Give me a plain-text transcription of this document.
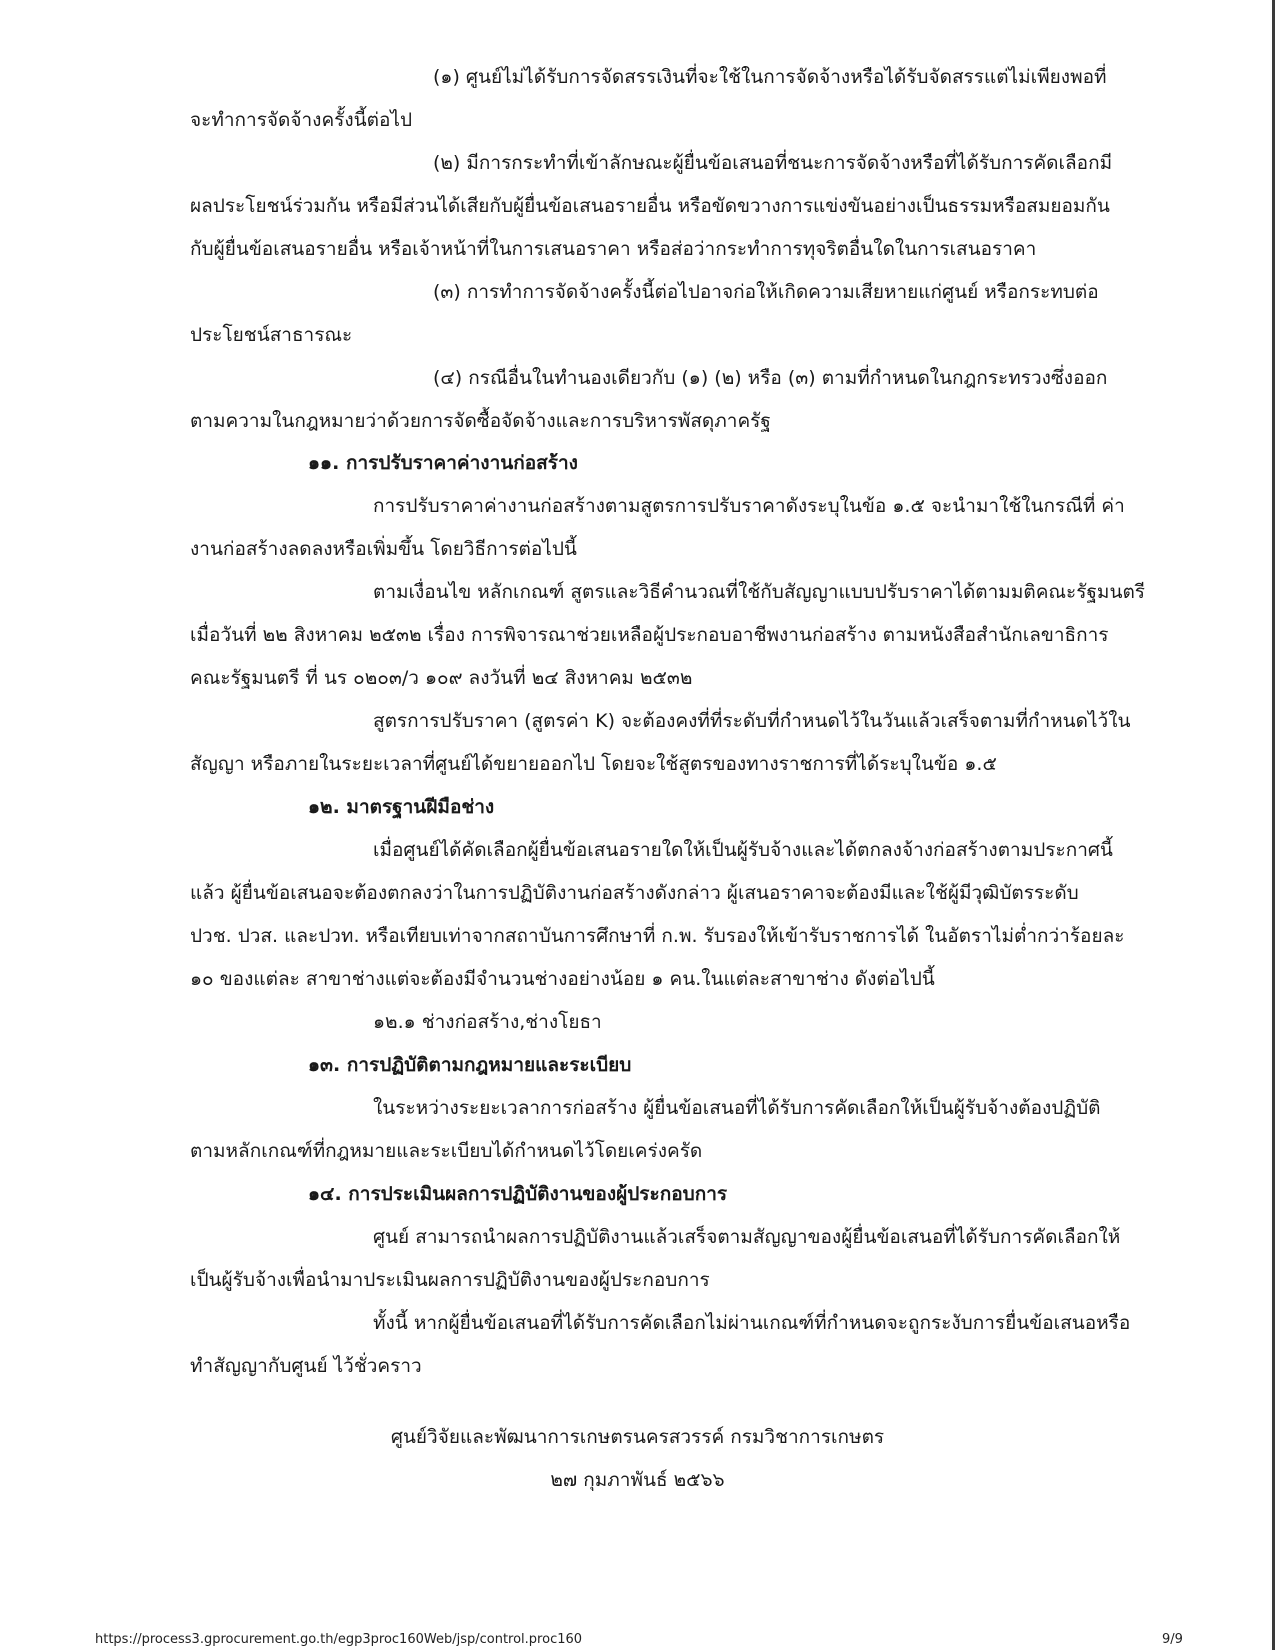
(๑) ศูนย์ไม่ได้รับการจัดสรรเงินที่จะใช้ในการจัดจ้างหรือได้รับจัดสรรแต่ไม่เพียงพอที่

จะทำการจัดจ้างครั้งนี้ต่อไป

(๒) มีการกระทำที่เข้าลักษณะผู้ยื่นข้อเสนอที่ชนะการจัดจ้างหรือที่ได้รับการคัดเลือกมี

ผลประโยชน์ร่วมกัน หรือมีส่วนได้เสียกับผู้ยื่นข้อเสนอรายอื่น หรือขัดขวางการแข่งขันอย่างเป็นธรรมหรือสมยอมกัน

กับผู้ยื่นข้อเสนอรายอื่น หรือเจ้าหน้าที่ในการเสนอราคา หรือส่อว่ากระทำการทุจริตอื่นใดในการเสนอราคา

(๓) การทำการจัดจ้างครั้งนี้ต่อไปอาจก่อให้เกิดความเสียหายแก่ศูนย์ หรือกระทบต่อ

ประโยชน์สาธารณะ

(๔) กรณีอื่นในทำนองเดียวกับ (๑) (๒) หรือ (๓) ตามที่กำหนดในกฎกระทรวงซึ่งออก

ตามความในกฎหมายว่าด้วยการจัดซื้อจัดจ้างและการบริหารพัสดุภาครัฐ

๑๑. การปรับราคาค่างานก่อสร้าง

การปรับราคาค่างานก่อสร้างตามสูตรการปรับราคาดังระบุในข้อ ๑.๕ จะนำมาใช้ในกรณีที่ ค่า

งานก่อสร้างลดลงหรือเพิ่มขึ้น โดยวิธีการต่อไปนี้

ตามเงื่อนไข หลักเกณฑ์ สูตรและวิธีคำนวณที่ใช้กับสัญญาแบบปรับราคาได้ตามมติคณะรัฐมนตรี

เมื่อวันที่ ๒๒ สิงหาคม ๒๕๓๒ เรื่อง การพิจารณาช่วยเหลือผู้ประกอบอาชีพงานก่อสร้าง ตามหนังสือสำนักเลขาธิการ

คณะรัฐมนตรี ที่ นร ๐๒๐๓/ว ๑๐๙ ลงวันที่ ๒๔ สิงหาคม ๒๕๓๒

สูตรการปรับราคา (สูตรค่า K) จะต้องคงที่ที่ระดับที่กำหนดไว้ในวันแล้วเสร็จตามที่กำหนดไว้ใน

สัญญา หรือภายในระยะเวลาที่ศูนย์ได้ขยายออกไป โดยจะใช้สูตรของทางราชการที่ได้ระบุในข้อ ๑.๕

๑๒. มาตรฐานฝีมือช่าง

เมื่อศูนย์ได้คัดเลือกผู้ยื่นข้อเสนอรายใดให้เป็นผู้รับจ้างและได้ตกลงจ้างก่อสร้างตามประกาศนี้

แล้ว ผู้ยื่นข้อเสนอจะต้องตกลงว่าในการปฏิบัติงานก่อสร้างดังกล่าว ผู้เสนอราคาจะต้องมีและใช้ผู้มีวุฒิบัตรระดับ

ปวช. ปวส. และปวท. หรือเทียบเท่าจากสถาบันการศึกษาที่ ก.พ. รับรองให้เข้ารับราชการได้ ในอัตราไม่ต่ำกว่าร้อยละ

๑๐ ของแต่ละ สาขาช่างแต่จะต้องมีจำนวนช่างอย่างน้อย ๑ คน.ในแต่ละสาขาช่าง ดังต่อไปนี้

๑๒.๑ ช่างก่อสร้าง,ช่างโยธา

๑๓. การปฏิบัติตามกฎหมายและระเบียบ

ในระหว่างระยะเวลาการก่อสร้าง ผู้ยื่นข้อเสนอที่ได้รับการคัดเลือกให้เป็นผู้รับจ้างต้องปฏิบัติ

ตามหลักเกณฑ์ที่กฎหมายและระเบียบได้กำหนดไว้โดยเคร่งครัด

๑๔. การประเมินผลการปฏิบัติงานของผู้ประกอบการ

ศูนย์ สามารถนำผลการปฏิบัติงานแล้วเสร็จตามสัญญาของผู้ยื่นข้อเสนอที่ได้รับการคัดเลือกให้

เป็นผู้รับจ้างเพื่อนำมาประเมินผลการปฏิบัติงานของผู้ประกอบการ

ทั้งนี้ หากผู้ยื่นข้อเสนอที่ได้รับการคัดเลือกไม่ผ่านเกณฑ์ที่กำหนดจะถูกระงับการยื่นข้อเสนอหรือ

ทำสัญญากับศูนย์ ไว้ชั่วคราว

ศูนย์วิจัยและพัฒนาการเกษตรนครสวรรค์ กรมวิชาการเกษตร
๒๗ กุมภาพันธ์ ๒๕๖๖
https://process3.gprocurement.go.th/egp3proc160Web/jsp/control.proc160	9/9
